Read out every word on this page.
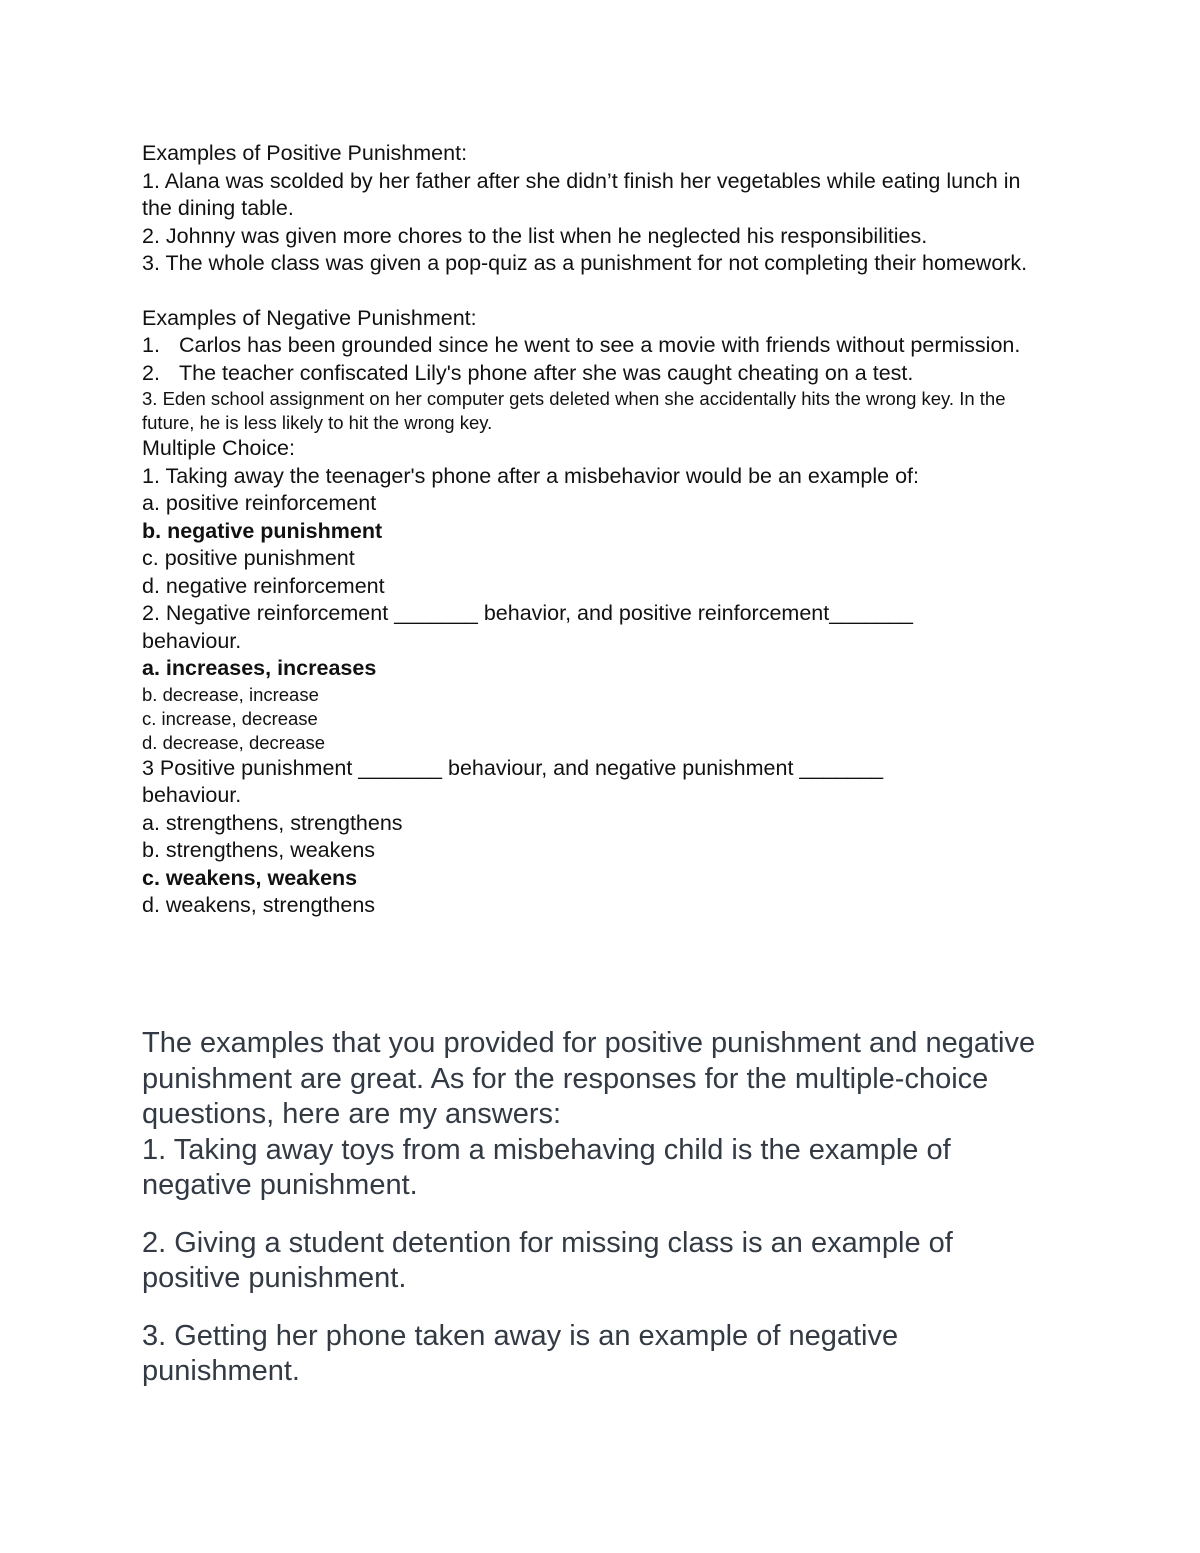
Examples of Positive Punishment:
1. Alana was scolded by her father after she didn’t finish her vegetables while eating lunch in the dining table.
2. Johnny was given more chores to the list when he neglected his responsibilities.
3. The whole class was given a pop-quiz as a punishment for not completing their homework.
Examples of Negative Punishment:
1. Carlos has been grounded since he went to see a movie with friends without permission.
2. The teacher confiscated Lily's phone after she was caught cheating on a test.
3. Eden school assignment on her computer gets deleted when she accidentally hits the wrong key. In the future, he is less likely to hit the wrong key.
Multiple Choice:
1. Taking away the teenager's phone after a misbehavior would be an example of:
a. positive reinforcement
b. negative punishment
c. positive punishment
d. negative reinforcement
2. Negative reinforcement _______ behavior, and positive reinforcement_______
behaviour.
a. increases, increases
b. decrease, increase
c. increase, decrease
d. decrease, decrease
3 Positive punishment _______ behaviour, and negative punishment _______
behaviour.
a. strengthens, strengthens
b. strengthens, weakens
c. weakens, weakens
d. weakens, strengthens

The examples that you provided for positive punishment and negative punishment are great. As for the responses for the multiple-choice questions, here are my answers:

1. Taking away toys from a misbehaving child is the example of negative punishment.

2. Giving a student detention for missing class is an example of positive punishment.

3. Getting her phone taken away is an example of negative punishment.
